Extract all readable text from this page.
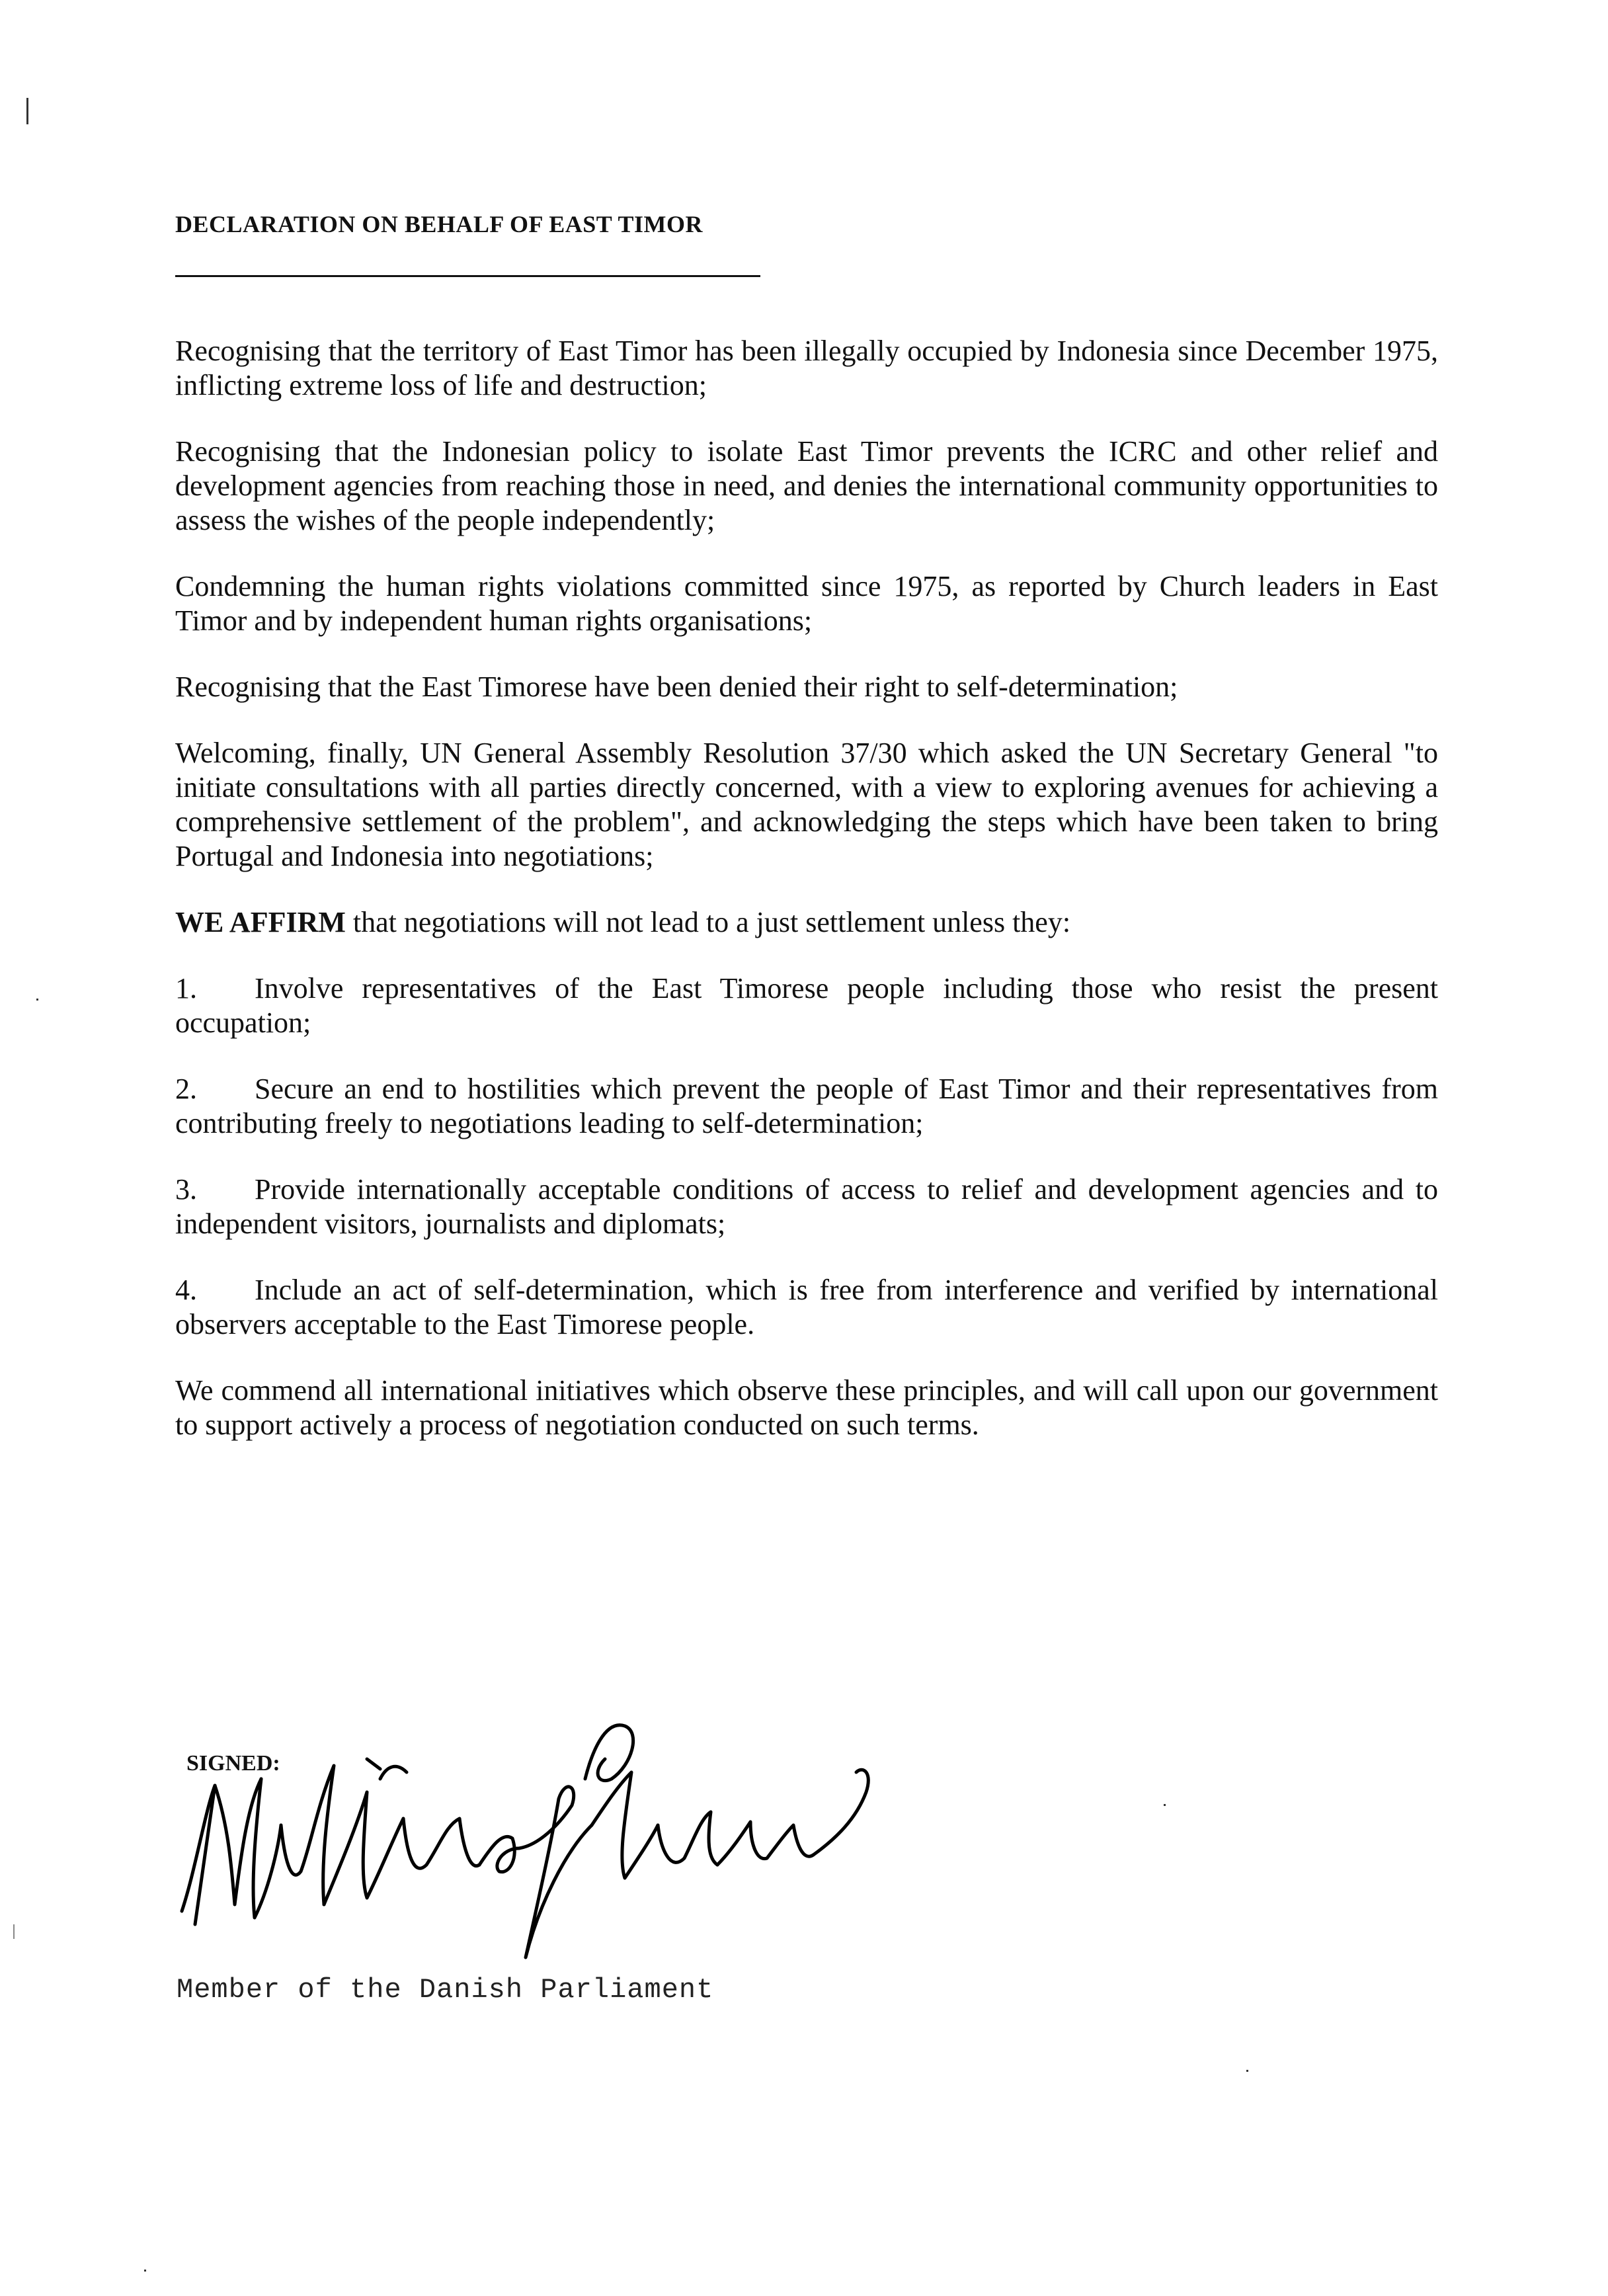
DECLARATION ON BEHALF OF EAST TIMOR

Recognising that the territory of East Timor has been illegally occupied by Indonesia since December 1975, inflicting extreme loss of life and destruction;

Recognising that the Indonesian policy to isolate East Timor prevents the ICRC and other relief and development agencies from reaching those in need, and denies the international community opportunities to assess the wishes of the people independently;

Condemning the human rights violations committed since 1975, as reported by Church leaders in East Timor and by independent human rights organisations;

Recognising that the East Timorese have been denied their right to self-determination;

Welcoming, finally, UN General Assembly Resolution 37/30 which asked the UN Secretary General "to initiate consultations with all parties directly concerned, with a view to exploring avenues for achieving a comprehensive settlement of the problem", and acknowledging the steps which have been taken to bring Portugal and Indonesia into negotiations;

WE AFFIRM that negotiations will not lead to a just settlement unless they:

1. Involve representatives of the East Timorese people including those who resist the present occupation;

2. Secure an end to hostilities which prevent the people of East Timor and their representatives from contributing freely to negotiations leading to self-determination;

3. Provide internationally acceptable conditions of access to relief and development agencies and to independent visitors, journalists and diplomats;

4. Include an act of self-determination, which is free from interference and verified by international observers acceptable to the East Timorese people.

We commend all international initiatives which observe these principles, and will call upon our government to support actively a process of negotiation conducted on such terms.

SIGNED:
Member of the Danish Parliament
